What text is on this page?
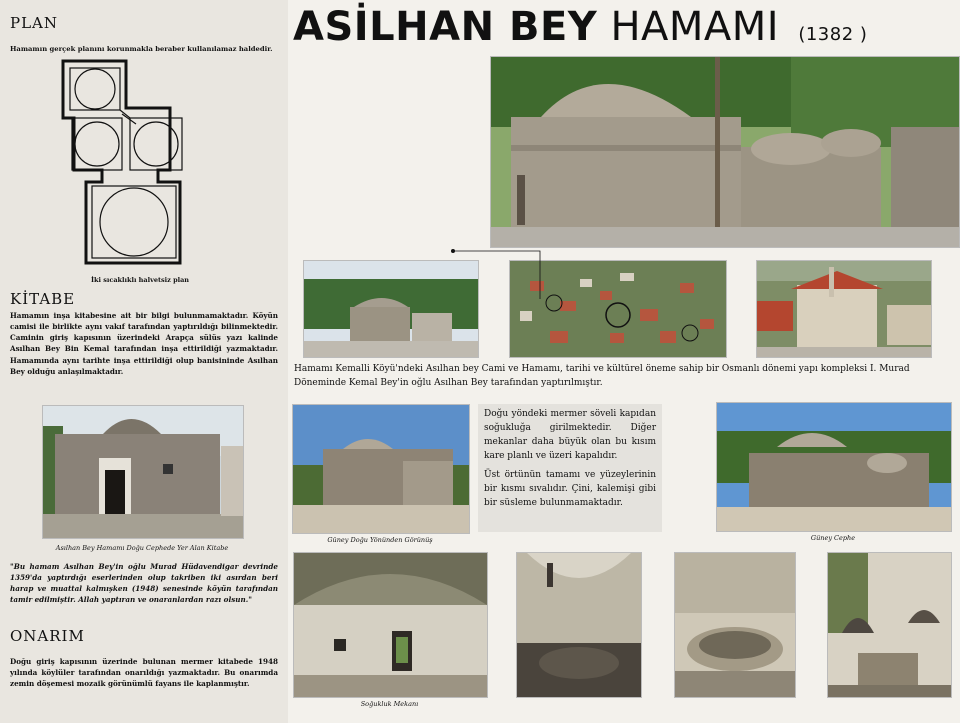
PLAN
Hamamın gerçek planını korunmakla beraber kullanılamaz haldedir.
İki sıcaklıklı halvetsiz plan
KİTABE
Hamamın inşa kitabesine ait bir bilgi bulunmamaktadır. Köyün camisi ile birlikte aynı vakıf tarafından yaptırıldığı bilinmektedir. Caminin giriş kapısının üzerindeki Arapça sülüs yazı kalinde Asılhan Bey Bin Kemal tarafından inşa ettirildiği yazmaktadır. Hamamında aynı tarihte inşa ettirildiği olup banisininde Asılhan Bey olduğu anlaşılmaktadır.
Asılhan Bey Hamamı Doğu Cephede Yer Alan Kitabe
"Bu hamam Asılhan Bey'in oğlu Murad Hüdavendigar devrinde 1359'da yaptırdığı eserlerinden olup takriben iki asırdan beri harap ve muattal kalmışken (1948) senesinde köyün tarafından tamir edilmiştir. Allah yaptıran ve onaranlardan razı olsun."
ONARIM
Doğu giriş kapısının üzerinde bulunan mermer kitabede 1948 yılında köylüler tarafından onarıldığı yazmaktadır. Bu onarımda zemin döşemesi mozaik görünümlü fayans ile kaplanmıştır.
ASİLHAN BEY HAMAMI (1382 )
Hamamı Kemalli Köyü'ndeki Asılhan bey Cami ve Hamamı, tarihi ve kültürel öneme sahip bir Osmanlı dönemi yapı kompleksi I. Murad Döneminde Kemal Bey'in oğlu Asılhan Bey tarafından yaptırılmıştır.
Güney Doğu Yönünden Görünüş

Doğu yöndeki mermer söveli kapıdan soğukluğa girilmektedir. Diğer mekanlar daha büyük olan bu kısım kare planlı ve üzeri kapalıdır.

Üst örtünün tamamı ve yüzeylerinin bir kısmı sıvalıdır. Çini, kalemişi gibi bir süsleme bulunmamaktadır.

Güney Cephe
Soğukluk Mekanı
